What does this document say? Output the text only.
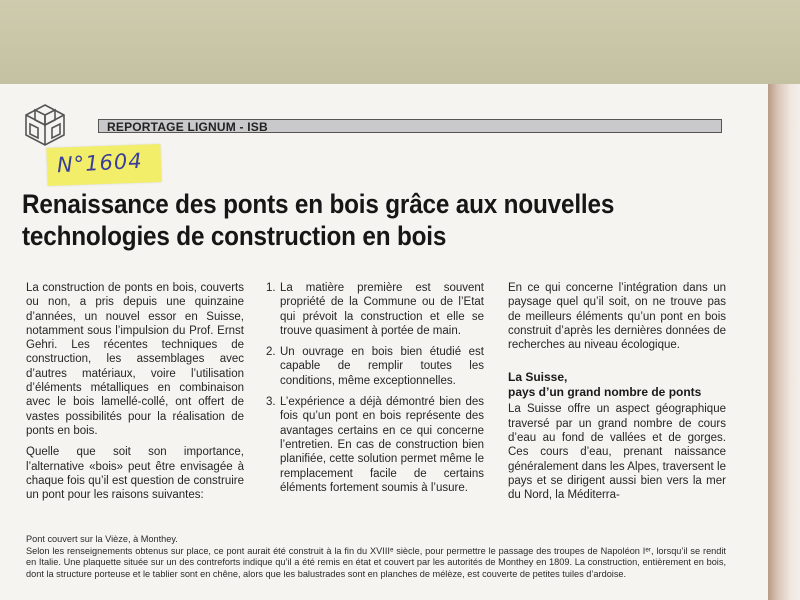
REPORTAGE LIGNUM - ISB
N°1604
Renaissance des ponts en bois grâce aux nouvelles
technologies de construction en bois

La construction de ponts en bois, couverts ou non, a pris depuis une quinzaine d’années, un nouvel essor en Suisse, notamment sous l’impulsion du Prof. Ernst Gehri. Les récentes techniques de construction, les assemblages avec d’autres matériaux, voire l’utilisation d’éléments métalliques en combinaison avec le bois lamellé-collé, ont offert de vastes possibilités pour la réalisation de ponts en bois.

Quelle que soit son importance, l’alternative «bois» peut être envisagée à chaque fois qu’il est question de construire un pont pour les raisons suivantes:

1. La matière première est souvent propriété de la Commune ou de l’Etat qui prévoit la construction et elle se trouve quasiment à portée de main.
2. Un ouvrage en bois bien étudié est capable de remplir toutes les conditions, même exceptionnelles.
3. L’expérience a déjà démontré bien des fois qu’un pont en bois représente des avantages certains en ce qui concerne l’entretien. En cas de construction bien planifiée, cette solution permet même le remplacement facile de certains éléments fortement soumis à l’usure.

En ce qui concerne l’intégration dans un paysage quel qu’il soit, on ne trouve pas de meilleurs éléments qu’un pont en bois construit d’après les dernières données de recherches au niveau écologique.

La Suisse,
pays d’un grand nombre de ponts

La Suisse offre un aspect géographique traversé par un grand nombre de cours d’eau au fond de vallées et de gorges. Ces cours d’eau, prenant naissance généralement dans les Alpes, traversent le pays et se dirigent aussi bien vers la mer du Nord, la Méditerra-

Pont couvert sur la Vièze, à Monthey.

Selon les renseignements obtenus sur place, ce pont aurait été construit à la fin du XVIIIᵉ siècle, pour permettre le passage des troupes de Napoléon Iᵉʳ, lorsqu’il se rendit en Italie. Une plaquette située sur un des contreforts indique qu’il a été remis en état et couvert par les autorités de Monthey en 1809. La construction, entièrement en bois, dont la structure porteuse et le tablier sont en chêne, alors que les balustrades sont en planches de mélèze, est couverte de petites tuiles d’ardoise.
